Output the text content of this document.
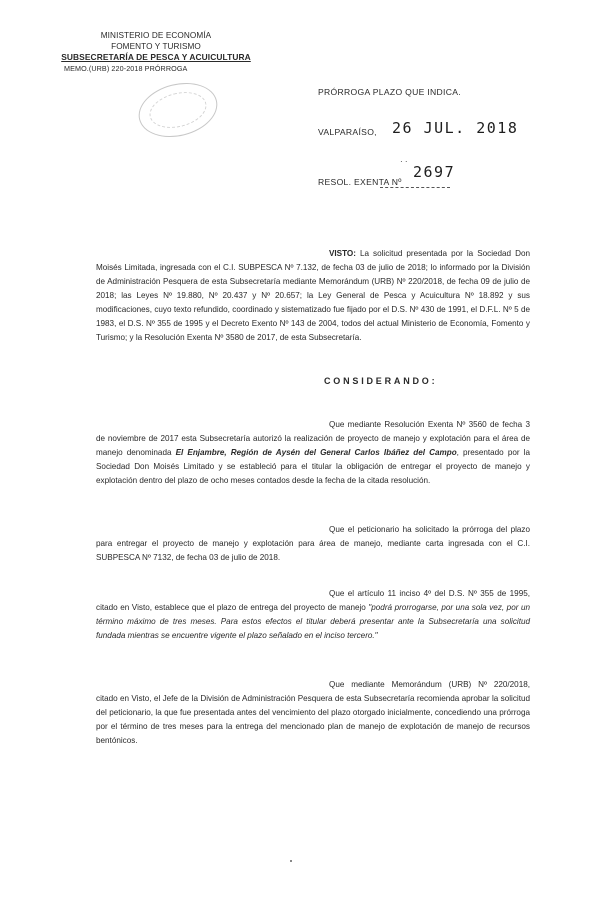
MINISTERIO DE ECONOMÍA
FOMENTO Y TURISMO
SUBSECRETARÍA DE PESCA Y ACUICULTURA
MEMO.(URB) 220-2018 PRÓRROGA
PRÓRROGA PLAZO QUE INDICA.
VALPARAÍSO, 26 JUL. 2018
· ·
RESOL. EXENTA Nº
2697
VISTO: La solicitud presentada por la Sociedad Don Moisés Limitada, ingresada con el C.I. SUBPESCA Nº 7.132, de fecha 03 de julio de 2018; lo informado por la División de Administración Pesquera de esta Subsecretaría mediante Memorándum (URB) Nº 220/2018, de fecha 09 de julio de 2018; las Leyes Nº 19.880, Nº 20.437 y Nº 20.657; la Ley General de Pesca y Acuicultura Nº 18.892 y sus modificaciones, cuyo texto refundido, coordinado y sistematizado fue fijado por el D.S. Nº 430 de 1991, el D.F.L. Nº 5 de 1983, el D.S. Nº 355 de 1995 y el Decreto Exento Nº 143 de 2004, todos del actual Ministerio de Economía, Fomento y Turismo; y la Resolución Exenta Nº 3580 de 2017, de esta Subsecretaría.
CONSIDERANDO:
Que mediante Resolución Exenta Nº 3560 de fecha 3 de noviembre de 2017 esta Subsecretaría autorizó la realización de proyecto de manejo y explotación para el área de manejo denominada El Enjambre, Región de Aysén del General Carlos Ibáñez del Campo, presentado por la Sociedad Don Moisés Limitado y se estableció para el titular la obligación de entregar el proyecto de manejo y explotación dentro del plazo de ocho meses contados desde la fecha de la citada resolución.
Que el peticionario ha solicitado la prórroga del plazo para entregar el proyecto de manejo y explotación para área de manejo, mediante carta ingresada con el C.I. SUBPESCA Nº 7132, de fecha 03 de julio de 2018.
Que el artículo 11 inciso 4º del D.S. Nº 355 de 1995, citado en Visto, establece que el plazo de entrega del proyecto de manejo "podrá prorrogarse, por una sola vez, por un término máximo de tres meses. Para estos efectos el titular deberá presentar ante la Subsecretaría una solicitud fundada mientras se encuentre vigente el plazo señalado en el inciso tercero."
Que mediante Memorándum (URB) Nº 220/2018, citado en Visto, el Jefe de la División de Administración Pesquera de esta Subsecretaría recomienda aprobar la solicitud del peticionario, la que fue presentada antes del vencimiento del plazo otorgado inicialmente, concediendo una prórroga por el término de tres meses para la entrega del mencionado plan de manejo de explotación de manejo de recursos bentónicos.
